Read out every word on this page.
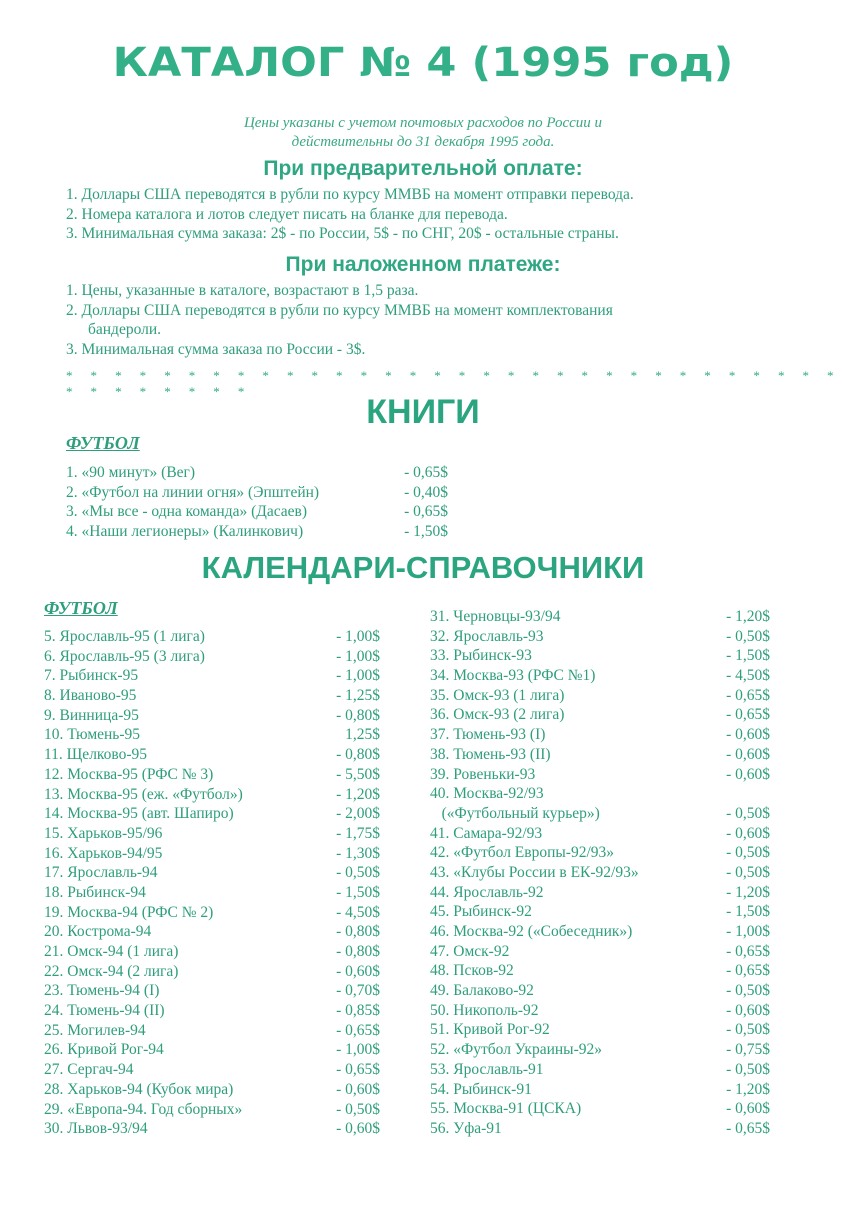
КАТАЛОГ № 4 (1995 год)
Цены указаны с учетом почтовых расходов по России и
действительны до 31 декабря 1995 года.
При предварительной оплате:
1. Доллары США переводятся в рубли по курсу ММВБ на момент отправки перевода.
2. Номера каталога и лотов следует писать на бланке для перевода.
3. Минимальная сумма заказа: 2$ - по России, 5$ - по СНГ, 20$ - остальные страны.
При наложенном платеже:
1. Цены, указанные в каталоге, возрастают в 1,5 раза.
2. Доллары США переводятся в рубли по курсу ММВБ на момент комплектования
бандероли.
3. Минимальная сумма заказа по России - 3$.
* * * * * * * * * * * * * * * * * * * * * * * * * * * * * * * * * * * * * * * *
КНИГИ
ФУТБОЛ
1. «90 минут» (Вег)	- 0,65$
2. «Футбол на линии огня» (Эпштейн)	- 0,40$
3. «Мы все - одна команда» (Дасаев)	- 0,65$
4. «Наши легионеры» (Калинкович)	- 1,50$
КАЛЕНДАРИ-СПРАВОЧНИКИ
ФУТБОЛ
5. Ярославль-95 (1 лига)	- 1,00$
6. Ярославль-95 (3 лига)	- 1,00$
7. Рыбинск-95	- 1,00$
8. Иваново-95	- 1,25$
9. Винница-95	- 0,80$
10. Тюмень-95	1,25$
11. Щелково-95	- 0,80$
12. Москва-95 (РФС № 3)	- 5,50$
13. Москва-95 (еж. «Футбол»)	- 1,20$
14. Москва-95 (авт. Шапиро)	- 2,00$
15. Харьков-95/96	- 1,75$
16. Харьков-94/95	- 1,30$
17. Ярославль-94	- 0,50$
18. Рыбинск-94	- 1,50$
19. Москва-94 (РФС № 2)	- 4,50$
20. Кострома-94	- 0,80$
21. Омск-94 (1 лига)	- 0,80$
22. Омск-94 (2 лига)	- 0,60$
23. Тюмень-94 (I)	- 0,70$
24. Тюмень-94 (II)	- 0,85$
25. Могилев-94	- 0,65$
26. Кривой Рог-94	- 1,00$
27. Сергач-94	- 0,65$
28. Харьков-94 (Кубок мира)	- 0,60$
29. «Европа-94. Год сборных»	- 0,50$
30. Львов-93/94	- 0,60$
31. Черновцы-93/94	- 1,20$
32. Ярославль-93	- 0,50$
33. Рыбинск-93	- 1,50$
34. Москва-93 (РФС №1)	- 4,50$
35. Омск-93 (1 лига)	- 0,65$
36. Омск-93 (2 лига)	- 0,65$
37. Тюмень-93 (I)	- 0,60$
38. Тюмень-93 (II)	- 0,60$
39. Ровеньки-93	- 0,60$
40. Москва-92/93
(«Футбольный курьер»)	- 0,50$
41. Самара-92/93	- 0,60$
42. «Футбол Европы-92/93»	- 0,50$
43. «Клубы России в ЕК-92/93»	- 0,50$
44. Ярославль-92	- 1,20$
45. Рыбинск-92	- 1,50$
46. Москва-92 («Собеседник»)	- 1,00$
47. Омск-92	- 0,65$
48. Псков-92	- 0,65$
49. Балаково-92	- 0,50$
50. Никополь-92	- 0,60$
51. Кривой Рог-92	- 0,50$
52. «Футбол Украины-92»	- 0,75$
53. Ярославль-91	- 0,50$
54. Рыбинск-91	- 1,20$
55. Москва-91 (ЦСКА)	- 0,60$
56. Уфа-91	- 0,65$
